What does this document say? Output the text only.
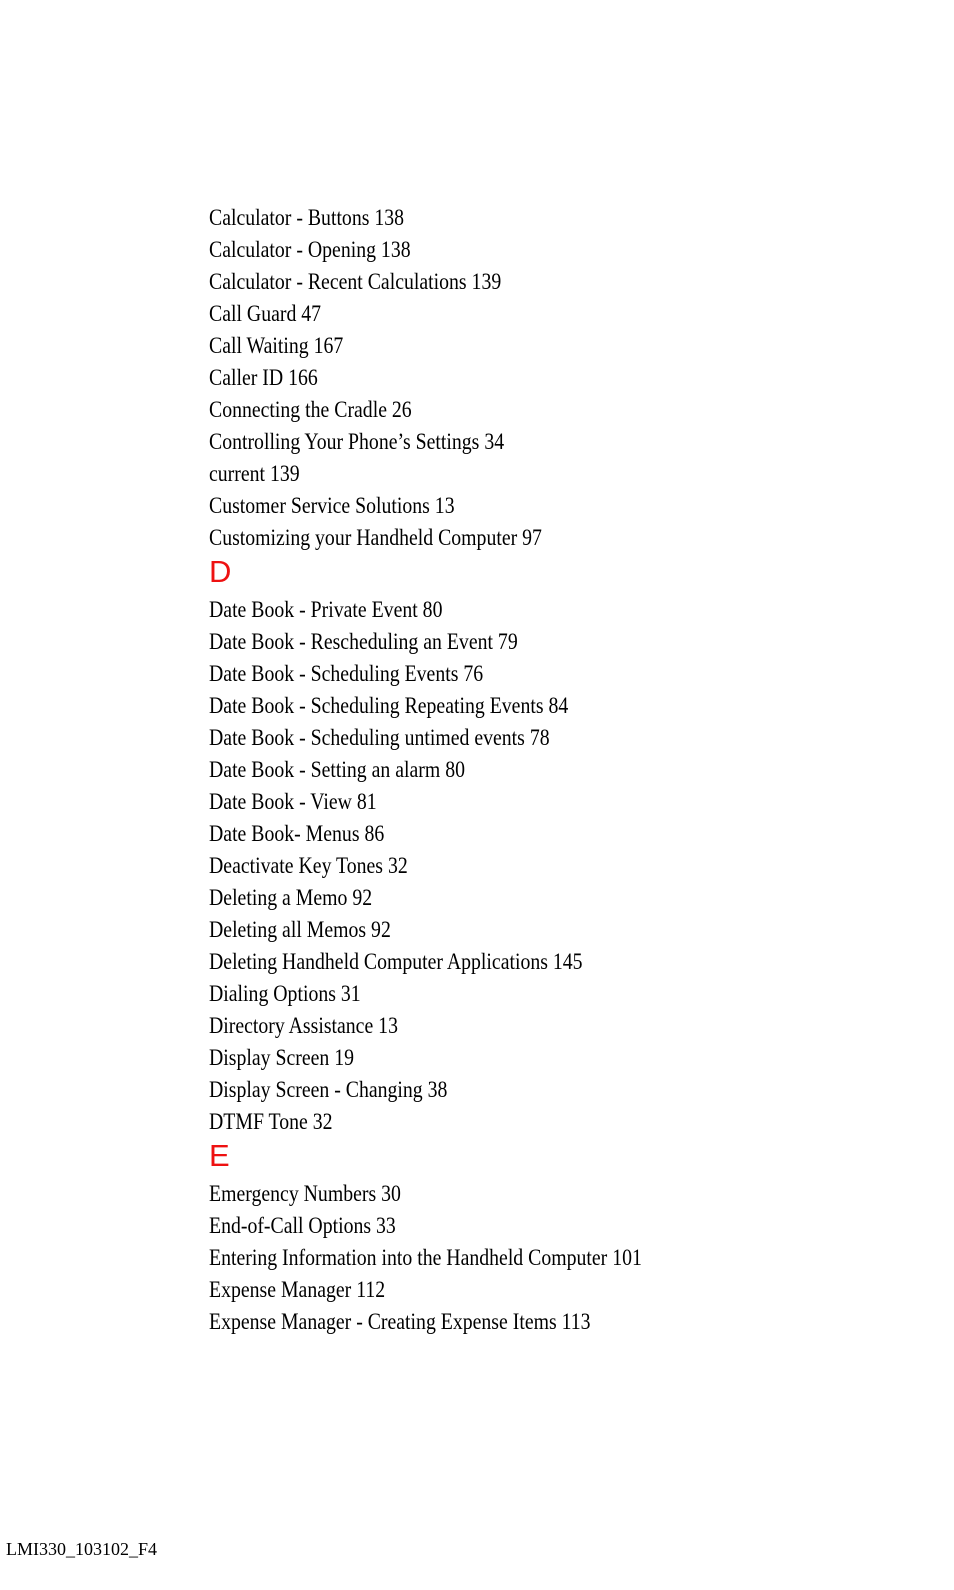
Calculator - Buttons 138
Calculator - Opening 138
Calculator - Recent Calculations 139
Call Guard 47
Call Waiting 167
Caller ID 166
Connecting the Cradle 26
Controlling Your Phone’s Settings 34
current 139
Customer Service Solutions 13
Customizing your Handheld Computer 97
D
Date Book - Private Event 80
Date Book - Rescheduling an Event 79
Date Book - Scheduling Events 76
Date Book - Scheduling Repeating Events 84
Date Book - Scheduling untimed events 78
Date Book - Setting an alarm 80
Date Book - View 81
Date Book- Menus 86
Deactivate Key Tones 32
Deleting a Memo 92
Deleting all Memos 92
Deleting Handheld Computer Applications 145
Dialing Options 31
Directory Assistance 13
Display Screen 19
Display Screen - Changing 38
DTMF Tone 32
E
Emergency Numbers 30
End-of-Call Options 33
Entering Information into the Handheld Computer 101
Expense Manager 112
Expense Manager - Creating Expense Items 113
LMI330_103102_F4
